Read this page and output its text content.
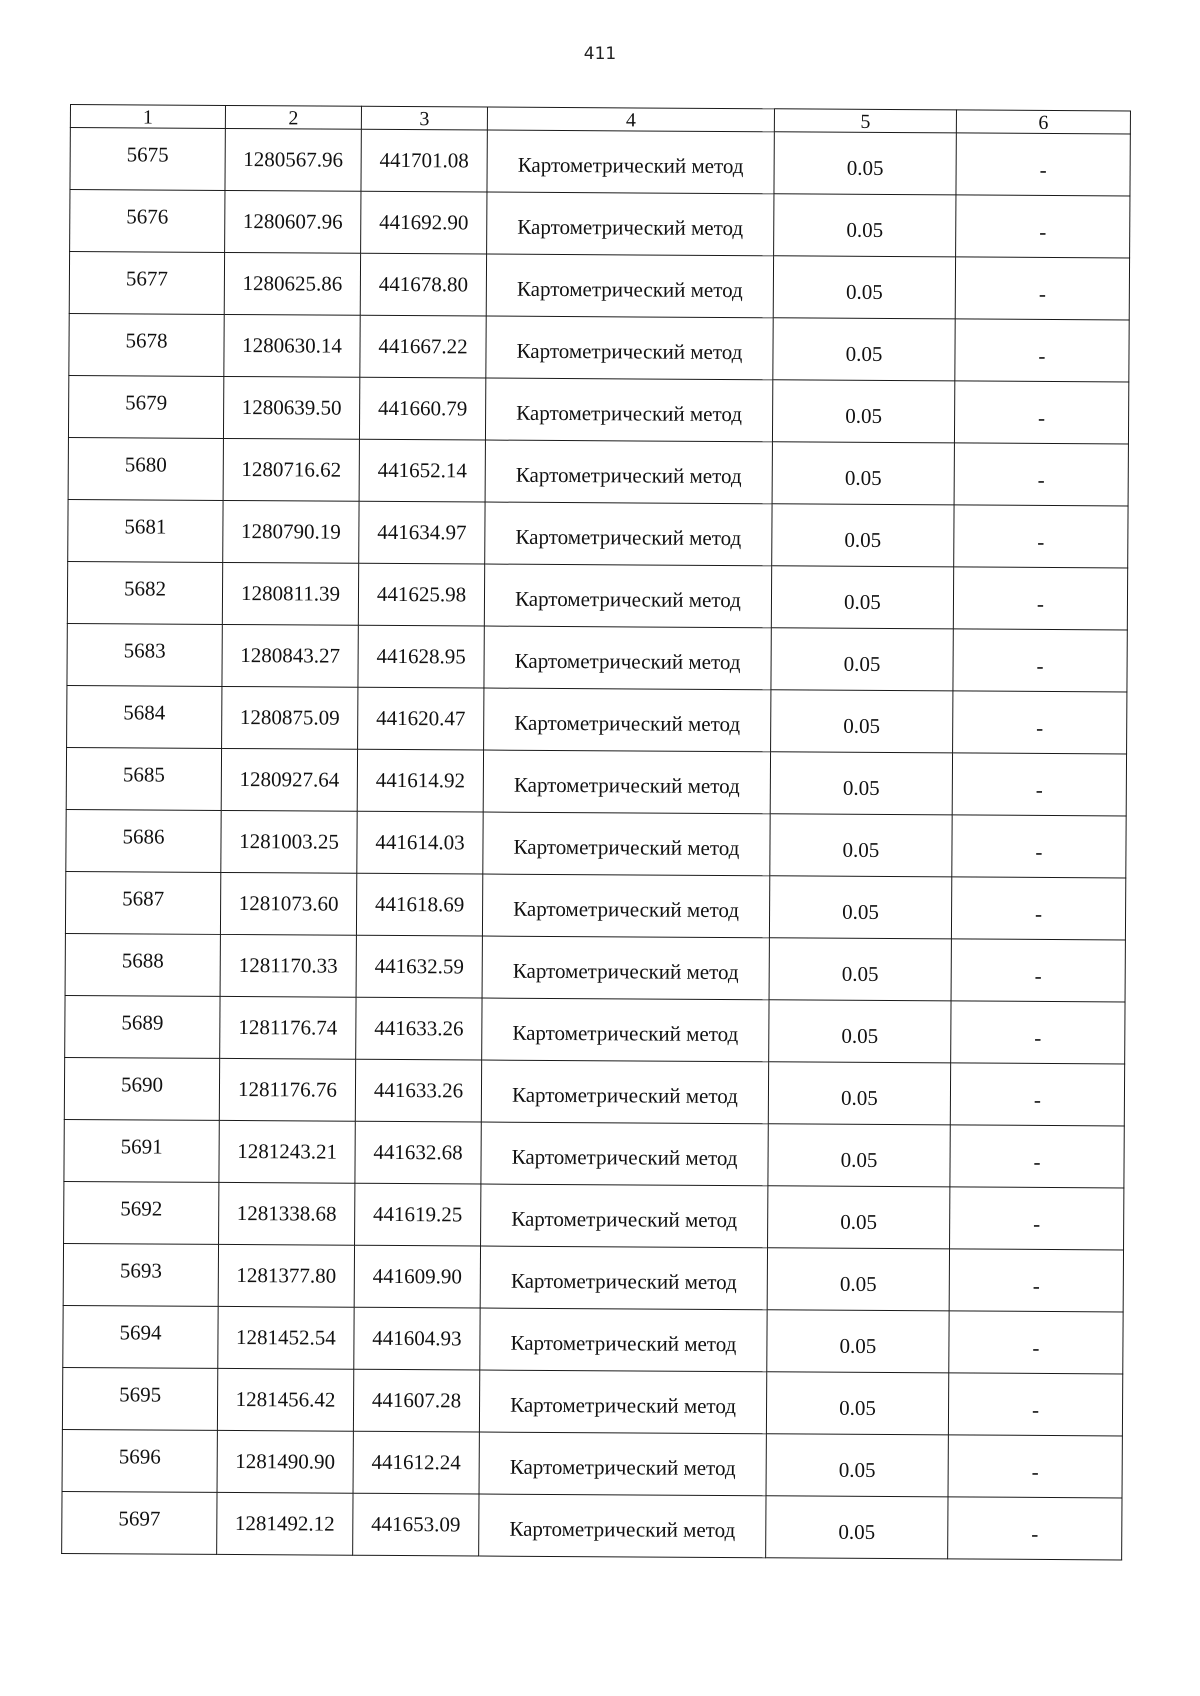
411
1	2	3	4	5	6
5675	1280567.96	441701.08	Картометрический метод	0.05	-
5676	1280607.96	441692.90	Картометрический метод	0.05	-
5677	1280625.86	441678.80	Картометрический метод	0.05	-
5678	1280630.14	441667.22	Картометрический метод	0.05	-
5679	1280639.50	441660.79	Картометрический метод	0.05	-
5680	1280716.62	441652.14	Картометрический метод	0.05	-
5681	1280790.19	441634.97	Картометрический метод	0.05	-
5682	1280811.39	441625.98	Картометрический метод	0.05	-
5683	1280843.27	441628.95	Картометрический метод	0.05	-
5684	1280875.09	441620.47	Картометрический метод	0.05	-
5685	1280927.64	441614.92	Картометрический метод	0.05	-
5686	1281003.25	441614.03	Картометрический метод	0.05	-
5687	1281073.60	441618.69	Картометрический метод	0.05	-
5688	1281170.33	441632.59	Картометрический метод	0.05	-
5689	1281176.74	441633.26	Картометрический метод	0.05	-
5690	1281176.76	441633.26	Картометрический метод	0.05	-
5691	1281243.21	441632.68	Картометрический метод	0.05	-
5692	1281338.68	441619.25	Картометрический метод	0.05	-
5693	1281377.80	441609.90	Картометрический метод	0.05	-
5694	1281452.54	441604.93	Картометрический метод	0.05	-
5695	1281456.42	441607.28	Картометрический метод	0.05	-
5696	1281490.90	441612.24	Картометрический метод	0.05	-
5697	1281492.12	441653.09	Картометрический метод	0.05	-
